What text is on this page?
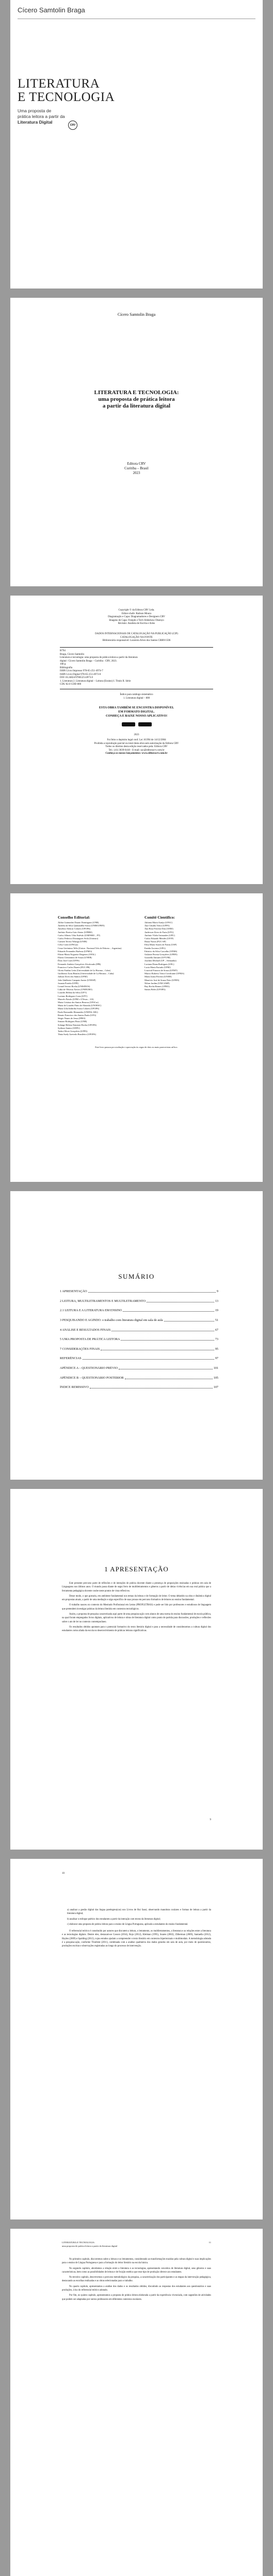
Cícero Samtolin Braga
LITERATURA
E TECNOLOGIA
Uma proposta de
prática leitora a partir da
Literatura Digital
CRV
Cícero Samtolin Braga
LITERATURA E TECNOLOGIA:
uma proposta de prática leitora
a partir da literatura digital
Editora CRV
Curitiba – Brasil
2023
Copyright © da Editora CRV Ltda.
Editor-chefe: Railson Moura
Diagramação e Capa: Diagramadores e Designers CRV
Imagens de Capa: Freepik e Tech Slideshow Disenyo
Revisão: Analista de Escrita e Artes
DADOS INTERNACIONAIS DE CATALOGAÇÃO NA PUBLICAÇÃO (CIP)
CATALOGAÇÃO NA FONTE
Bibliotecária responsável: Luzenira Alves dos Santos CRB9/1506
B794
Braga, Cícero Samtolin
Literatura e tecnologia: uma proposta de prática leitora a partir da literatura
digital / Cícero Samtolin Braga – Curitiba : CRV, 2023.
108 p.
Bibliografia
ISBN Livro Impresso 978-65-251-4974-7
ISBN Livro Digital 978-65-251-4973-0
DOI 10.24824/978652514973.0
1. Literatura 2. Literatura digital – Leitura (Ensino) I. Título II. Série
CDU 82.0 CDD 800
Índice para catálogo sistemático
1. Literatura digital – 800
ESTA OBRA TAMBÉM SE ENCONTRA DISPONÍVEL
EM FORMATO DIGITAL.
CONHEÇA E BAIXE NOSSO APLICATIVO!
2023
Foi feito o depósito legal conf. Lei 10.994 de 14/12/2004
Proibida a reprodução parcial ou total desta obra sem autorização da Editora CRV
Todos os direitos desta edição reservados pela: Editora CRV
Tel.: (41) 3039-6418 - E-mail: sac@editoracrv.com.br
Conheça os nossos lançamentos: www.editoracrv.com.br
Conselho Editorial:
Aldira Guimarães Duarte Domínguez (UNB)
Andréia da Silva Quintanilha Sousa (UNIR/UFRN)
Anselmo Alencar Colares (UFOPA)
Antônio Pereira Gaio Júnior (UFRRJ)
Carlos Alberto Vilar Estêvão (UMINHO – PT)
Carlos Federico Dominguez Avila (Unieuro)
Carmen Tereza Velanga (UNIR)
Celso Conti (UFSCar)
Cesar Gerónimo Tello (Univer .Nacional Três de Febrero – Argentina)
Eduardo Fernandes Barbosa (UFMG)
Elione Maria Nogueira Diogenes (UFAL)
Elizeu Clementino de Souza (UNEB)
Élsio José Corá (UFFS)
Fernando Antônio Gonçalves Alcoforado (IPB)
Francisco Carlos Duarte (PUC-PR)
Gloria Fariñas León (Universidade de La Havana – Cuba)
Guillermo Arias Beatón (Universidade de La Havana – Cuba)
Jailson Alves dos Santos (UFRJ)
João Adalberto Campato Junior (UNESP)
Josania Portela (UFPI)
Leonel Severo Rocha (UNISINOS)
Lídia de Oliveira Xavier (UNIEURO)
Lourdes Helena da Silva (UFV)
Luciano Rodrigues Costa (UFV)
Marcelo Paixão (UFRJ e UTexas – US)
Maria Cristina dos Santos Bezerra (UFSCar)
Maria de Lourdes Pinto de Almeida (UNOESC)
Maria Lília Imbiriba Sousa Colares (UFOPA)
Paulo Romualdo Hernandes (UNIFAL-MG)
Renato Francisco dos Santos Paula (UFG)
Sérgio Nunes de Jesus (IFRO)
Simone Rodrigues Pinto (UNB)
Solange Helena Ximenes-Rocha (UFOPA)
Sydione Santos (UEPG)
Tadeu Oliver Gonçalves (UFPA)
Tânia Suely Azevedo Brasileiro (UFOPA)
Comitê Científico:
Adriana Maria Araújo (UFAC)
Ana Cláudia Vieira (UFPA)
Ana Rosa Ferreira Dias (UERJ)
Anderson Alves de Faria (UFU)
Antônio Vilela Guimarães (UFU)
Carlos Eduardo Mendes (UFJF)
Diana Navas (PUC-SP)
Elisa Maria Soares de Farias (USP)
Eneida Ascenso (UFG)
Fabrício da Silva Carvalho (UFMS)
Gislaine Pereira Gonçalves (UFRN)
Graziella Antunes (UFVJM)
Joachim Michael (UP – Alemanha)
Luciana Diana Rodrigues (UEL)
Lucia Maria Furtado (UFRJ)
Lourival Fonseca de Souza (UFMT)
Marcio Roberto Vieira Cavalcante (UFMA)
Maria Joana Ferreira (UNEB)
Maurício José de Souza Neto (UFRN)
Nilton Jardim (UNICAMP)
Ruy Rocha Ramos (UFBA)
Santos Beles (UFOPA)
Este livro passou por avaliação e aprovação às cegas de dois ou mais pareceristas ad hoc.
SUMÁRIO
1 APRESENTAÇÃO	9
2 LEITURA, MULTILETRAMENTOS E MULTILETRAMENTO	13
2.1 LEITURA E A LITERATURA EM ENSINO	19
3 PESQUISANDO E AGINDO: o trabalho com literatura digital em sala de aula	51
4 ANÁLISE E RESULTADOS FINAIS	67
5 UMA PROPOSTA DE PRÁTICA LEITORA	73
7 CONSIDERAÇÕES FINAIS	95
REFERÊNCIAS	97
APÊNDICE A – QUESTIONÁRIO PRÉVIO	101
APÊNDICE B – QUESTIONÁRIO POSTERIOR	105
ÍNDICE REMISSIVO	107
1 APRESENTAÇÃO

Este presente percurso parte de reflexões e de intenções de prática docente diante a presença de proposições ensinadas e práticas em sala de Linguagens nos últimos anos. O mundo passa diante de segui ferro de multiletramentos e gêneros a partir de ideias vivências em sua real prática que a ferramenta pedagógica docente coube neste pontos de vista reflexivos.

Desse modo, o que gostaria, em ambiente fundamental nos temas da leitura e de formação de leitor. O tema debatido na obra e dinâmica digital em propostas atuais, a partir de uma mediação e algo específico de suas prosas em percurso formativo de leitores no ensino fundamental.

O trabalho nasceu no contexto do Mestrado Profissional em Letras (PROFLETRAS) e pode ser lido por professores e estudiosos de linguagem que pretendem investigar práticas da leitura literária em contextos tecnológicos.

Assim, a proposta de pesquisa caracterizada aqui parte de uma pesquisa-ação com alunos de uma turma do ensino fundamental de escola pública, na qual foram empregados livros digitais, aplicativos de leitura e obras de literatura digital como ponto de partida para discussões, produções e reflexões sobre o ato de ler no contexto contemporâneo.

Os resultados obtidos apontam para o potencial formativo do texto literário digital e para a necessidade de considerarmos a cultura digital dos estudantes como aliada da escola no desenvolvimento de práticas leitoras significativas.

9
10

a) analisar a gestão digital das lingua parelegreu(cas) nos Livros de Rui Sassi, observando manobras oculares e formas de leitura a partir da literatura digital;

b) analisar o enfoque poético dos estudantes a partir da interação com textos da literatura digital;

c) elaborar uma proposta de prática leitora para o ensino de Língua Portuguesa, aplicada a estudantes do ensino fundamental.

O referencial teórico é constituído por autores que discutem a leitura, o letramento, os multiletramentos, a literatura e as relações entre a literatura e as tecnologias digitais. Dentre eles, destacam-se Cosson (2014), Rojo (2012), Kleiman (1995), Soares (2002), Zilberman (2009), Santaella (2012), Hayles (2009) e Spalding (2012), cujos estudos ajudam a compreender o texto literário em contextos hipertextuais e multimodais. A metodologia adotada é a pesquisa-ação, conforme Thiollent (2011), combinada com a análise qualitativa dos dados gerados em sala de aula, por meio de questionários, produções escritas e observações registradas ao longo do processo de intervenção.

LITERATURA E TECNOLOGIA:	11
uma proposta de prática leitora a partir da literatura digital

No primeiro capítulo, discorremos sobre a leitura e os letramentos, considerando as transformações trazidas pela cultura digital e suas implicações para o ensino de Língua Portuguesa e para a formação do leitor literário na escola básica.

No segundo capítulo, abordamos a relação entre a literatura e as tecnologias, apresentando conceitos de literatura digital, seus gêneros e suas características, bem como as possibilidades de leitura e de fruição estética que esse tipo de produção oferece aos estudantes.

No terceiro capítulo, descrevemos o percurso metodológico da pesquisa, a caracterização dos participantes e as etapas da intervenção pedagógica, destacando as escolhas realizadas e as obras selecionadas para o trabalho.

No quarto capítulo, apresentamos a análise dos dados e os resultados obtidos, discutindo as respostas dos estudantes aos questionários e suas produções, à luz do referencial teórico adotado.

Por fim, no quinto capítulo, apresentamos a proposta de prática leitora elaborada a partir da experiência vivenciada, com sugestões de atividades que podem ser adaptadas por outros professores em diferentes contextos escolares.
